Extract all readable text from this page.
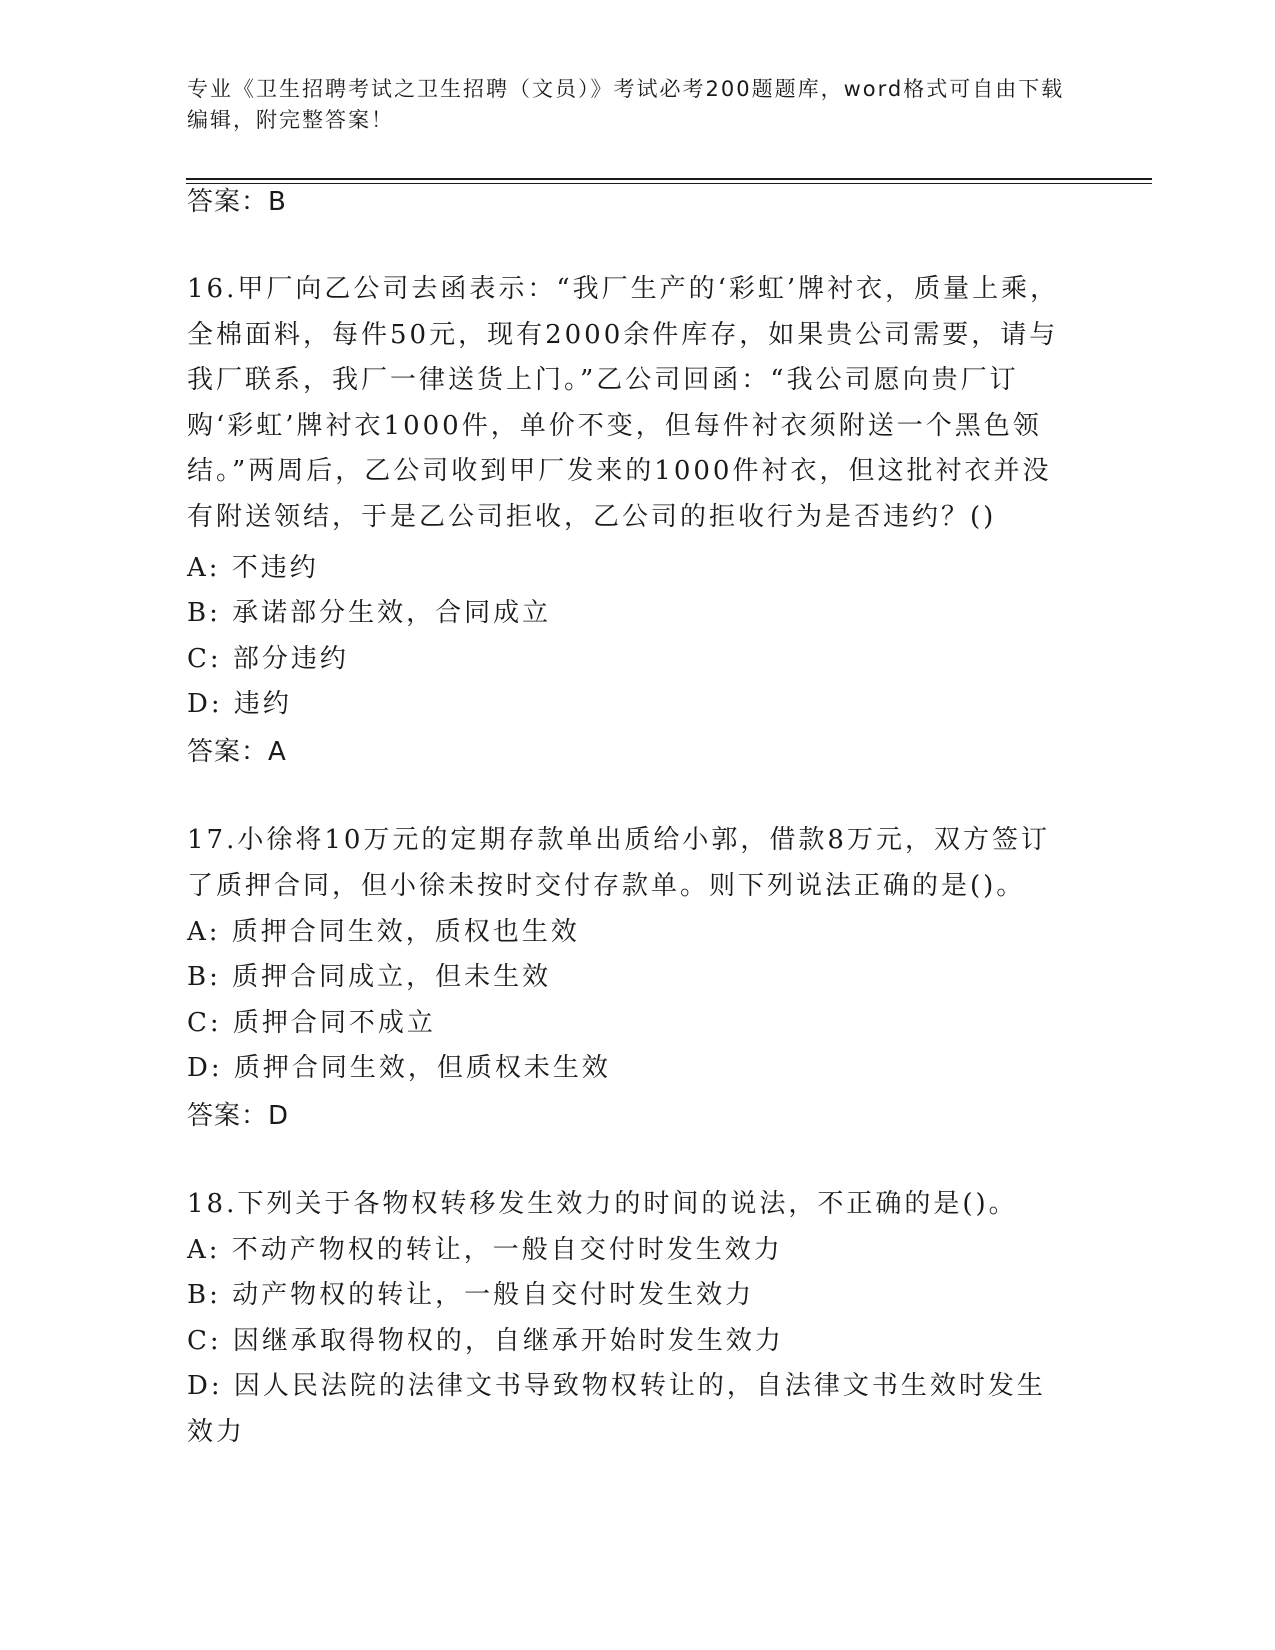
专业《卫生招聘考试之卫生招聘（文员）》考试必考200题题库，word格式可自由下载编辑，附完整答案！
答案：B
16.甲厂向乙公司去函表示：“我厂生产的‘彩虹’牌衬衣，质量上乘，全棉面料，每件50元，现有2000余件库存，如果贵公司需要，请与我厂联系，我厂一律送货上门。”乙公司回函：“我公司愿向贵厂订购‘彩虹’牌衬衣1000件，单价不变，但每件衬衣须附送一个黑色领结。”两周后，乙公司收到甲厂发来的1000件衬衣，但这批衬衣并没有附送领结，于是乙公司拒收，乙公司的拒收行为是否违约？()
A: 不违约
B: 承诺部分生效，合同成立
C: 部分违约
D: 违约
答案：A
17.小徐将10万元的定期存款单出质给小郭，借款8万元，双方签订了质押合同，但小徐未按时交付存款单。则下列说法正确的是()。
A: 质押合同生效，质权也生效
B: 质押合同成立，但未生效
C: 质押合同不成立
D: 质押合同生效，但质权未生效
答案：D
18.下列关于各物权转移发生效力的时间的说法，不正确的是()。
A: 不动产物权的转让，一般自交付时发生效力
B: 动产物权的转让，一般自交付时发生效力
C: 因继承取得物权的，自继承开始时发生效力
D: 因人民法院的法律文书导致物权转让的，自法律文书生效时发生效力
